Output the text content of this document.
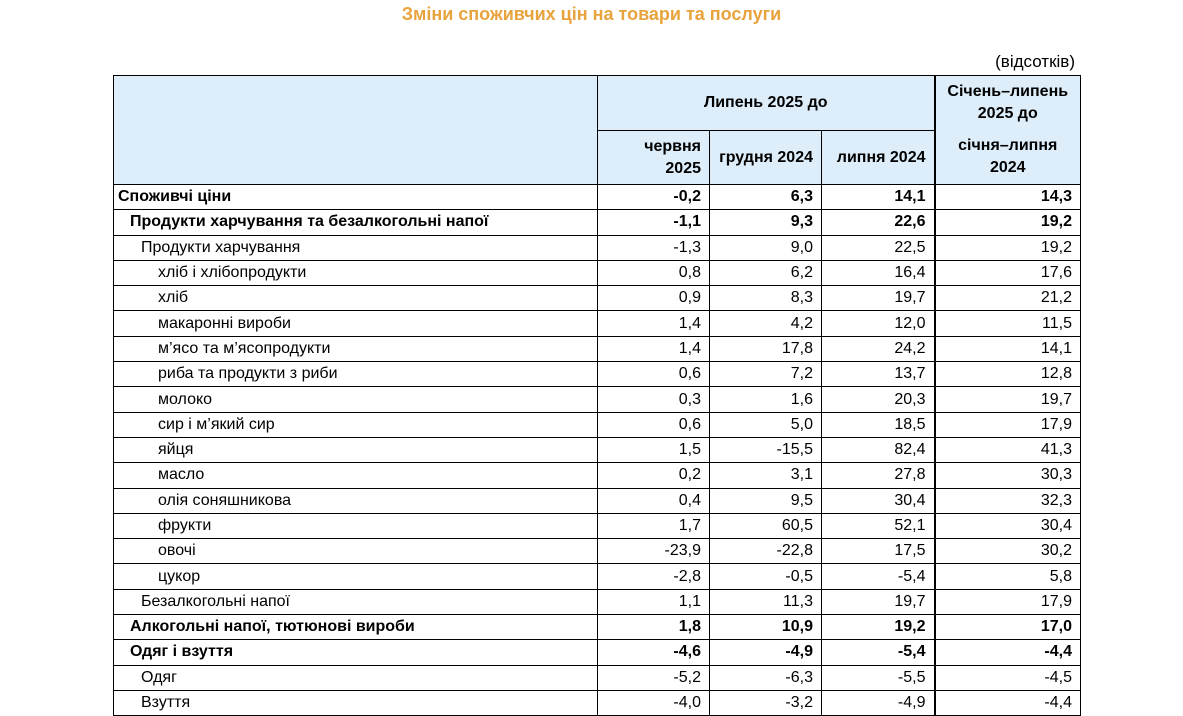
Зміни споживчих цін на товари та послуги
(відсотків)
	Липень 2025 до			Січень–липень 2025 до
	червня 2025	грудня 2024	липня 2024	січня–липня 2024
Споживчі ціни	-0,2	6,3	14,1	14,3
Продукти харчування та безалкогольні напої	-1,1	9,3	22,6	19,2
Продукти харчування	-1,3	9,0	22,5	19,2
хліб і хлібопродукти	0,8	6,2	16,4	17,6
хліб	0,9	8,3	19,7	21,2
макаронні вироби	1,4	4,2	12,0	11,5
м’ясо та м’ясопродукти	1,4	17,8	24,2	14,1
риба та продукти з риби	0,6	7,2	13,7	12,8
молоко	0,3	1,6	20,3	19,7
сир і м’який сир	0,6	5,0	18,5	17,9
яйця	1,5	-15,5	82,4	41,3
масло	0,2	3,1	27,8	30,3
олія соняшникова	0,4	9,5	30,4	32,3
фрукти	1,7	60,5	52,1	30,4
овочі	-23,9	-22,8	17,5	30,2
цукор	-2,8	-0,5	-5,4	5,8
Безалкогольні напої	1,1	11,3	19,7	17,9
Алкогольні напої, тютюнові вироби	1,8	10,9	19,2	17,0
Одяг і взуття	-4,6	-4,9	-5,4	-4,4
Одяг	-5,2	-6,3	-5,5	-4,5
Взуття	-4,0	-3,2	-4,9	-4,4
